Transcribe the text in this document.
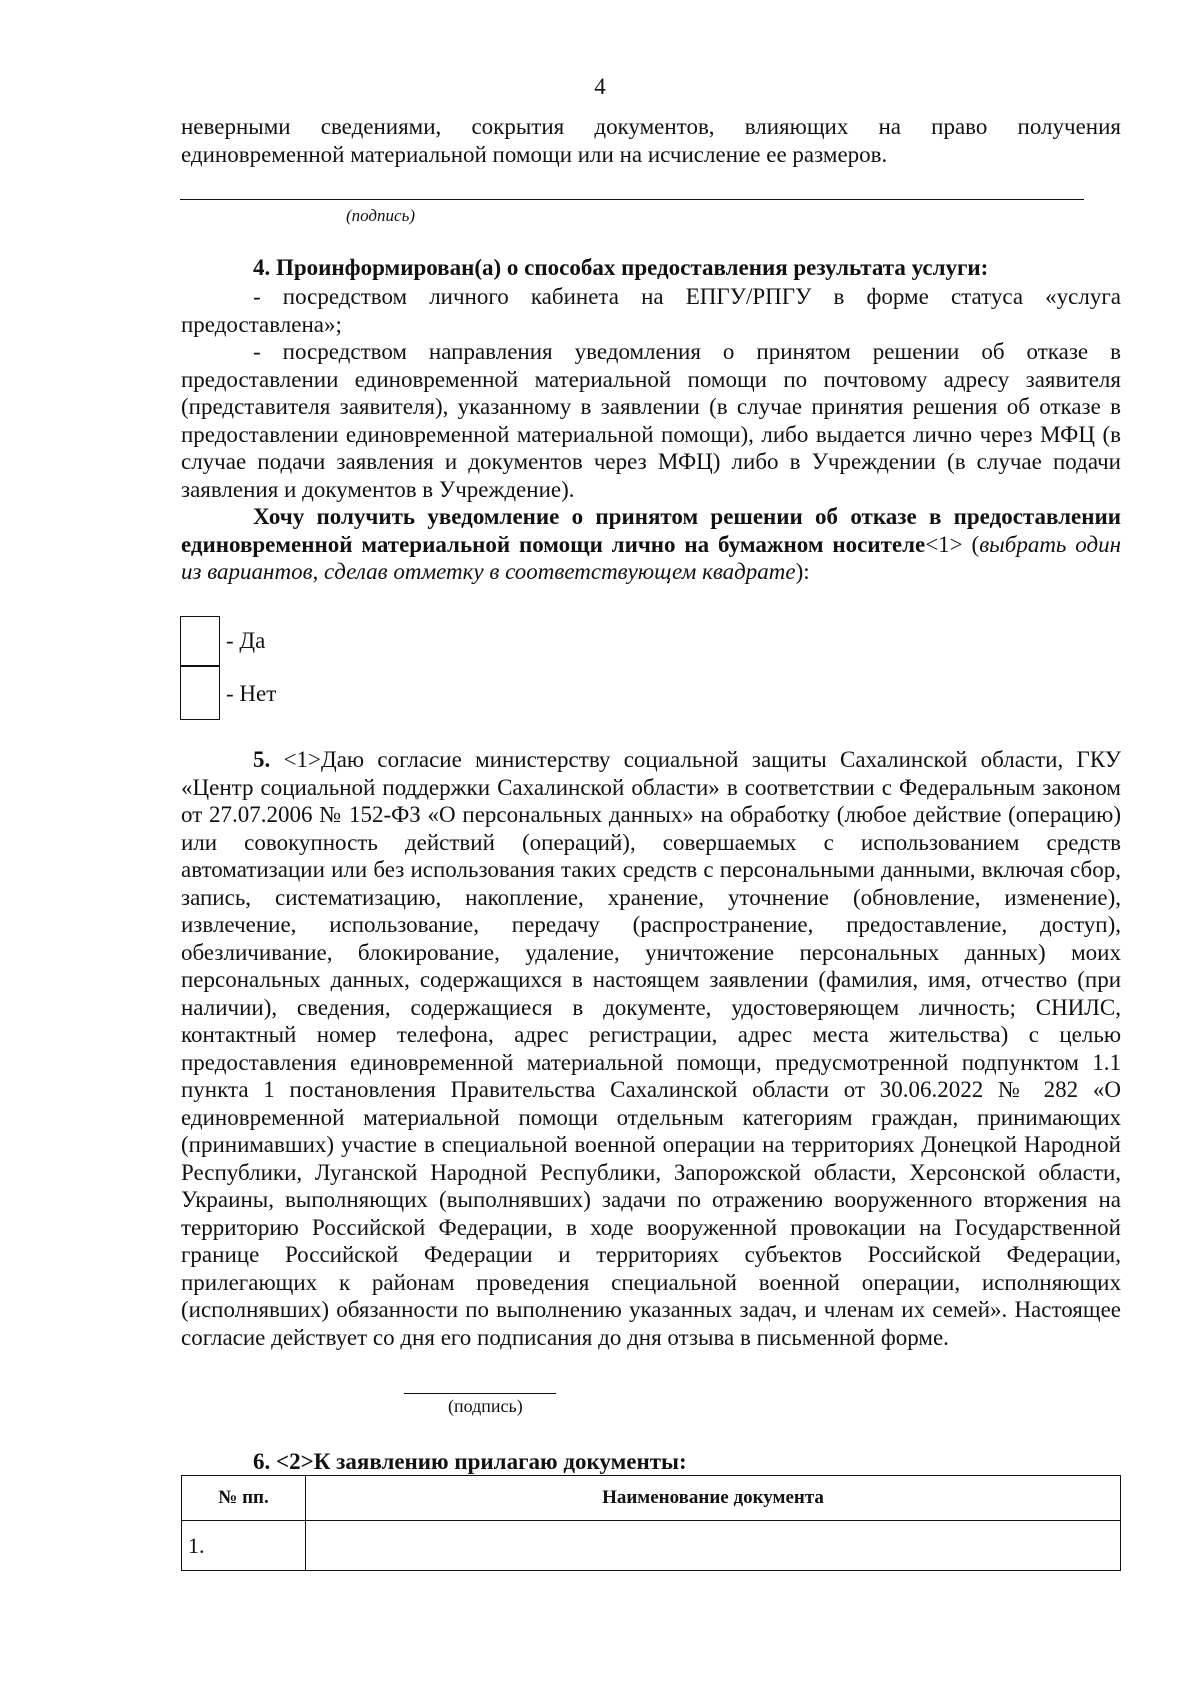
4
неверными сведениями, сокрытия документов, влияющих на право получения
единовременной материальной помощи или на исчисление ее размеров.
(подпись)
4. Проинформирован(а) о способах предоставления результата услуги:
- посредством личного кабинета на ЕПГУ/РПГУ в форме статуса «услуга предоставлена»;
- посредством направления уведомления о принятом решении об отказе в предоставлении единовременной материальной помощи по почтовому адресу заявителя (представителя заявителя), указанному в заявлении (в случае принятия решения об отказе в предоставлении единовременной материальной помощи), либо выдается лично через МФЦ (в случае подачи заявления и документов через МФЦ) либо в Учреждении (в случае подачи заявления и документов в Учреждение).
Хочу получить уведомление о принятом решении об отказе в предоставлении единовременной материальной помощи лично на бумажном носителе<1> (выбрать один из вариантов, сделав отметку в соответствующем квадрате):
- Да
- Нет
5. <1>Даю согласие министерству социальной защиты Сахалинской области, ГКУ «Центр социальной поддержки Сахалинской области» в соответствии с Федеральным законом от 27.07.2006 № 152-ФЗ «О персональных данных» на обработку (любое действие (операцию) или совокупность действий (операций), совершаемых с использованием средств автоматизации или без использования таких средств с персональными данными, включая сбор, запись, систематизацию, накопление, хранение, уточнение (обновление, изменение), извлечение, использование, передачу (распространение, предоставление, доступ), обезличивание, блокирование, удаление, уничтожение персональных данных) моих персональных данных, содержащихся в настоящем заявлении (фамилия, имя, отчество (при наличии), сведения, содержащиеся в документе, удостоверяющем личность; СНИЛС, контактный номер телефона, адрес регистрации, адрес места жительства) с целью предоставления единовременной материальной помощи, предусмотренной подпунктом 1.1 пункта 1 постановления Правительства Сахалинской области от 30.06.2022 № 282 «О единовременной материальной помощи отдельным категориям граждан, принимающих (принимавших) участие в специальной военной операции на территориях Донецкой Народной Республики, Луганской Народной Республики, Запорожской области, Херсонской области, Украины, выполняющих (выполнявших) задачи по отражению вооруженного вторжения на территорию Российской Федерации, в ходе вооруженной провокации на Государственной границе Российской Федерации и территориях субъектов Российской Федерации, прилегающих к районам проведения специальной военной операции, исполняющих (исполнявших) обязанности по выполнению указанных задач, и членам их семей». Настоящее согласие действует со дня его подписания до дня отзыва в письменной форме.
(подпись)
6. <2>К заявлению прилагаю документы:
№ пп.	Наименование документа
1.	
